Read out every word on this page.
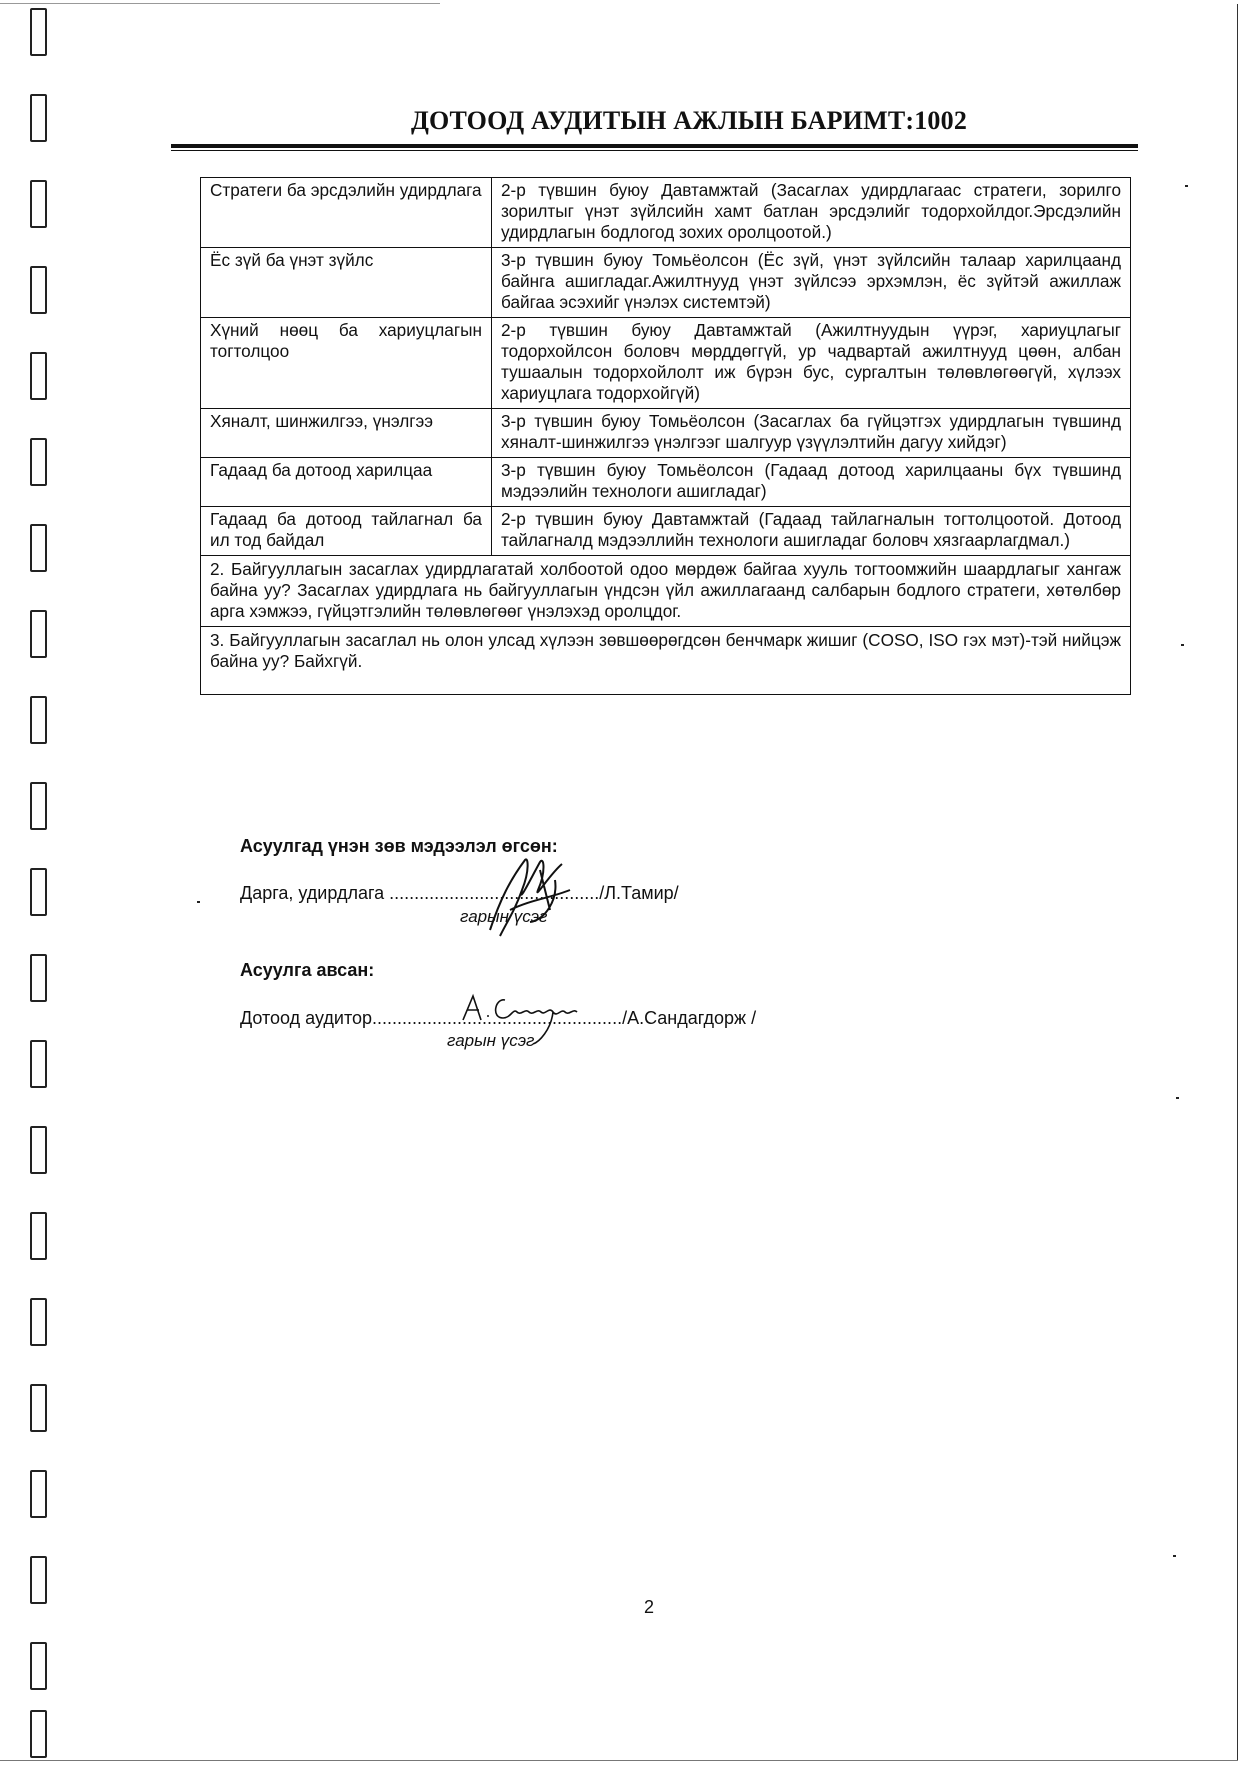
ДОТООД АУДИТЫН АЖЛЫН БАРИМТ:1002
Стратеги ба эрсдэлийн удирдлага	2-р түвшин буюу Давтамжтай (Засаглах удирдлагаас стратеги, зорилго зорилтыг үнэт зүйлсийн хамт батлан эрсдэлийг тодорхойлдог.Эрсдэлийн удирдлагын бодлогод зохих оролцоотой.)
Ёс зүй ба үнэт зүйлс	3-р түвшин буюу Томьёолсон (Ёс зүй, үнэт зүйлсийн талаар харилцаанд байнга ашигладаг.Ажилтнууд үнэт зүйлсээ эрхэмлэн, ёс зүйтэй ажиллаж байгаа эсэхийг үнэлэх системтэй)
Хүний нөөц ба хариуцлагын тогтолцоо	2-р түвшин буюу Давтамжтай (Ажилтнуудын үүрэг, хариуцлагыг тодорхойлсон боловч мөрддөггүй, ур чадвартай ажилтнууд цөөн, албан тушаалын тодорхойлолт иж бүрэн бус, сургалтын төлөвлөгөөгүй, хүлээх хариуцлага тодорхойгүй)
Хяналт, шинжилгээ, үнэлгээ	3-р түвшин буюу Томьёолсон (Засаглах ба гүйцэтгэх удирдлагын түвшинд хяналт-шинжилгээ үнэлгээг шалгуур үзүүлэлтийн дагуу хийдэг)
Гадаад ба дотоод харилцаа	3-р түвшин буюу Томьёолсон (Гадаад дотоод харилцааны бүх түвшинд мэдээлийн технологи ашигладаг)
Гадаад ба дотоод тайлагнал ба ил тод байдал	2-р түвшин буюу Давтамжтай (Гадаад тайлагналын тогтолцоотой. Дотоод тайлагналд мэдээллийн технологи ашигладаг боловч хязгаарлагдмал.)
2. Байгууллагын засаглах удирдлагатай холбоотой одоо мөрдөж байгаа хууль тогтоомжийн шаардлагыг хангаж байна уу? Засаглах удирдлага нь байгууллагын үндсэн үйл ажиллагаанд салбарын бодлого стратеги, хөтөлбөр арга хэмжээ, гүйцэтгэлийн төлөвлөгөөг үнэлэхэд оролцдог.	
3. Байгууллагын засаглал нь олон улсад хүлээн зөвшөөрөгдсөн бенчмарк жишиг (COSO, ISO гэх мэт)-тэй нийцэж байна уу? Байхгүй.	
Асуулгад үнэн зөв мэдээлэл өгсөн:
Дарга, удирдлага ........................................../Л.Тамир/
гарын үсэг
Асуулга авсан:
Дотоод аудитор................................................../А.Сандагдорж /
гарын үсэг
2
